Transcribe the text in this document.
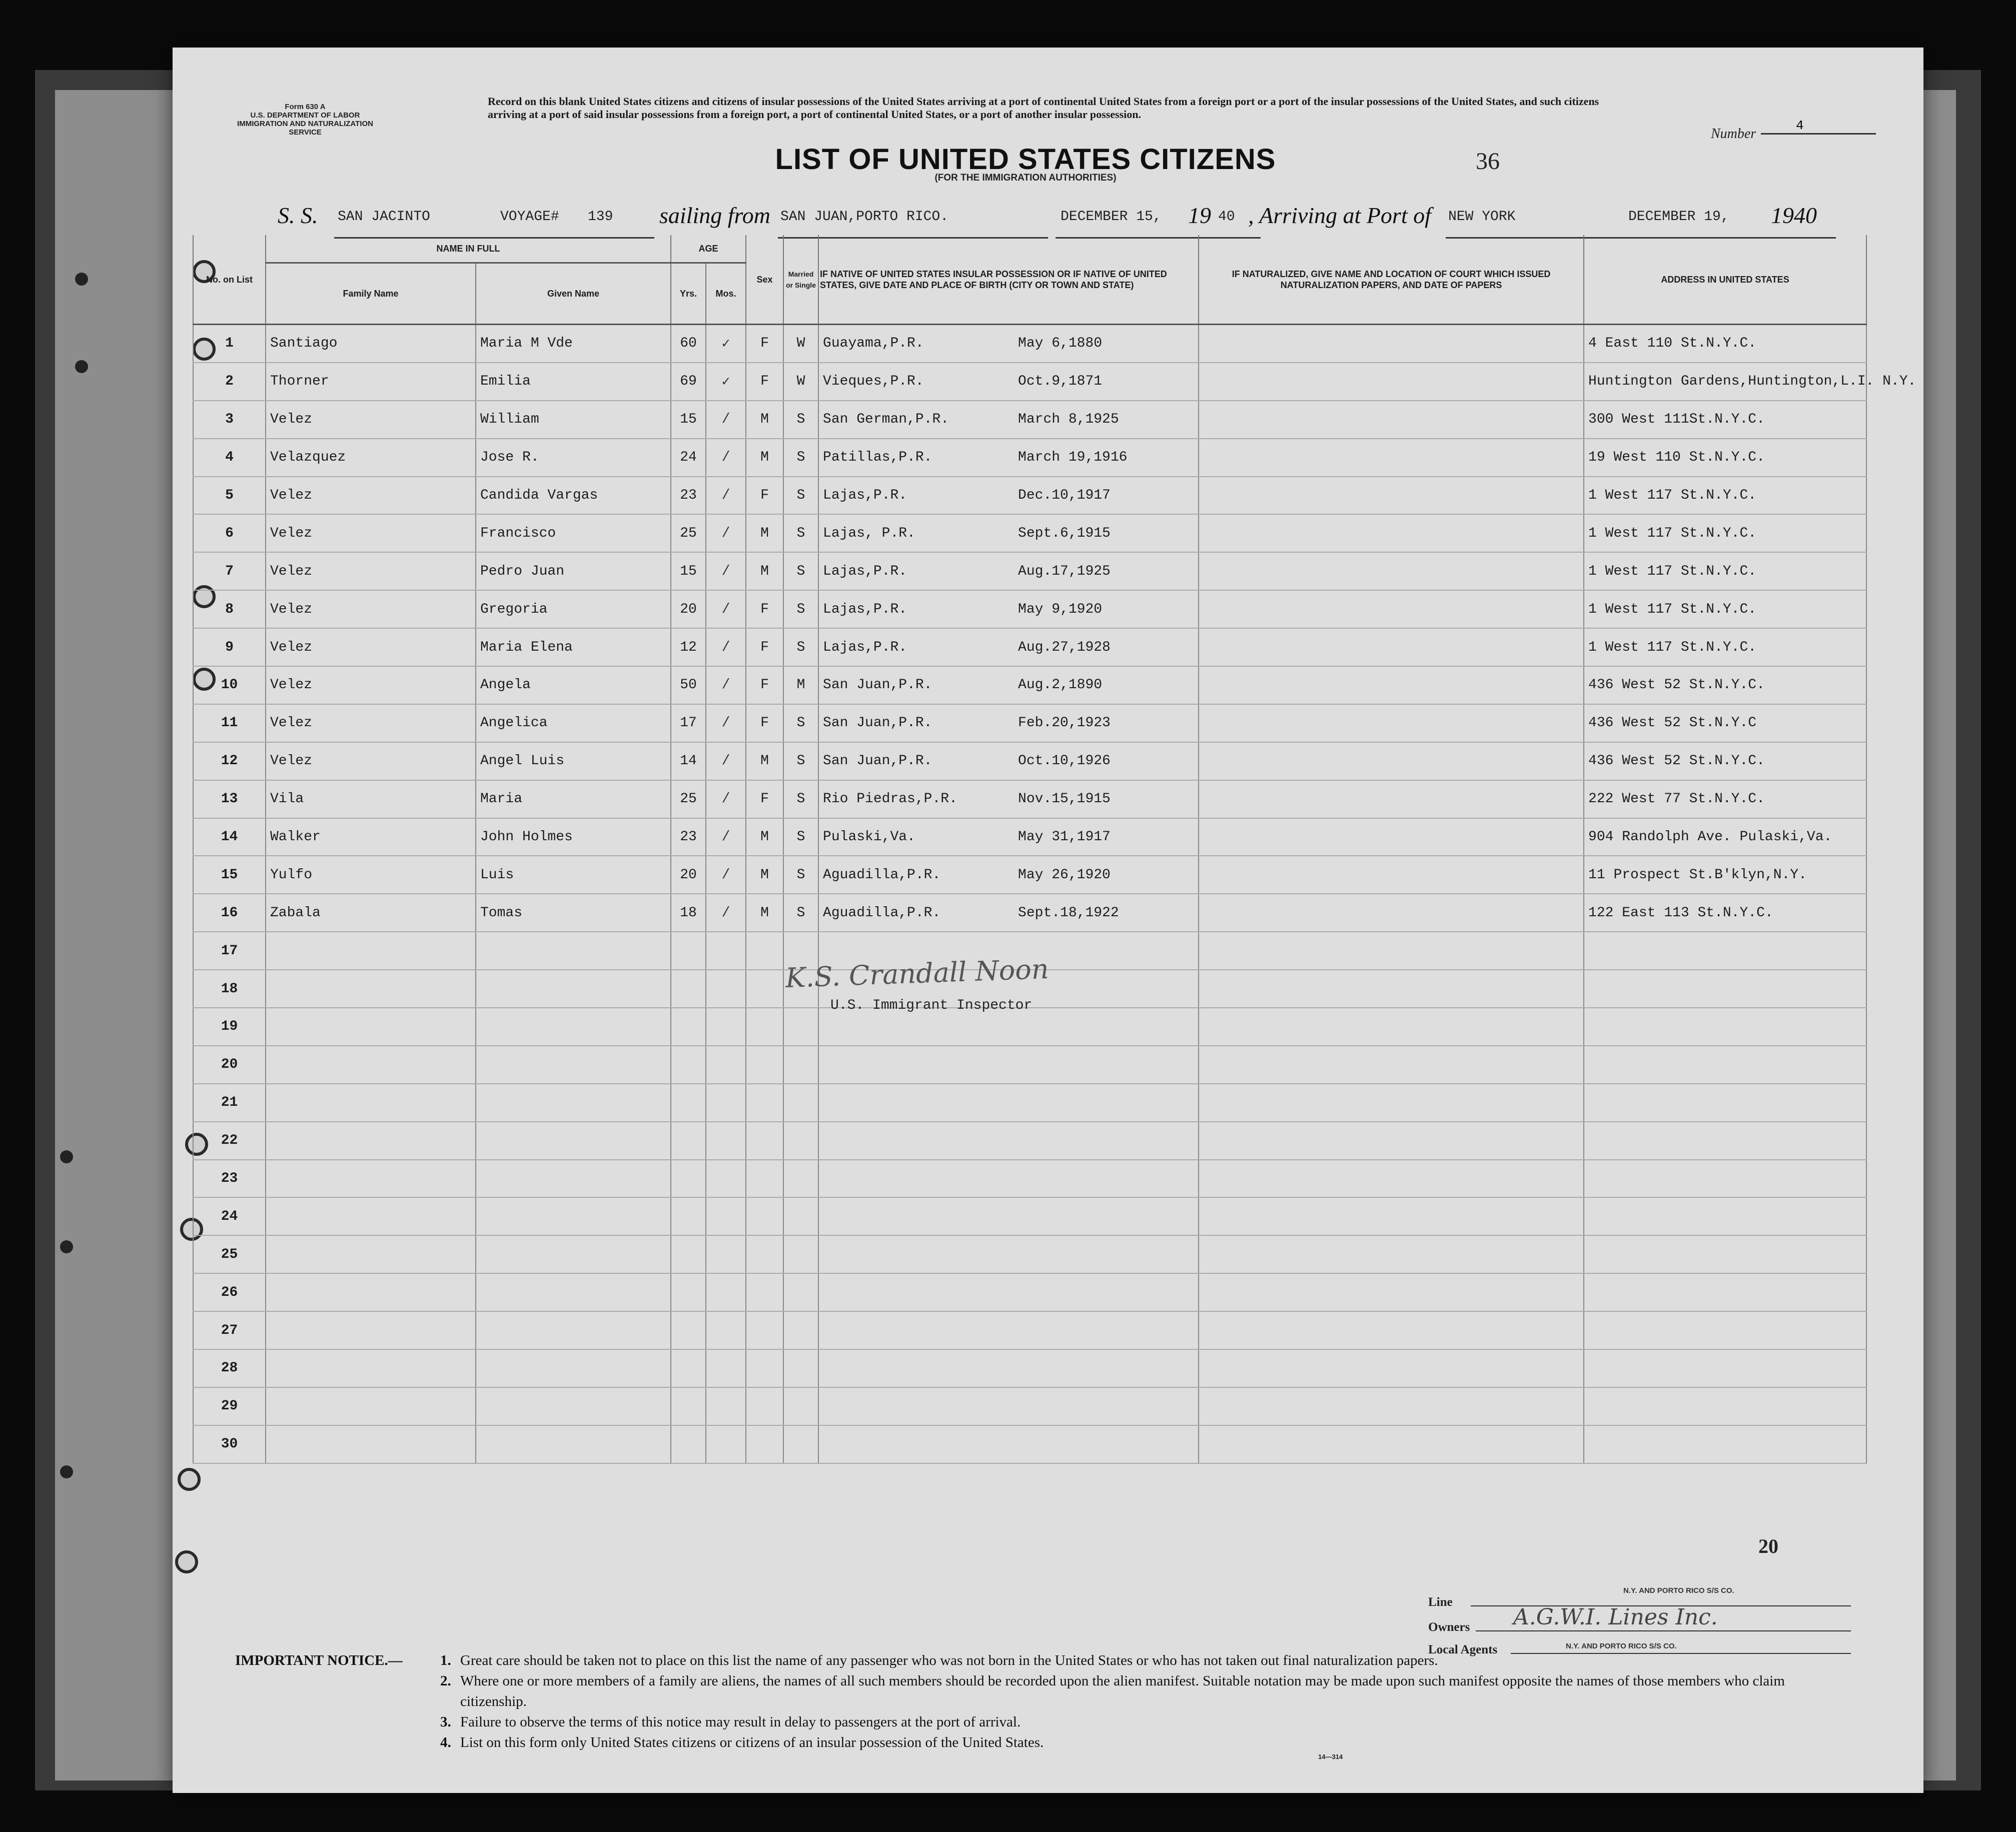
Form 630 A
U.S. DEPARTMENT OF LABOR
IMMIGRATION AND NATURALIZATION SERVICE
Record on this blank United States citizens and citizens of insular possessions of the United States arriving at a port of continental United States from a foreign port or a port of the insular possessions of the United States, and such citizens arriving at a port of said insular possessions from a foreign port, a port of continental United States, or a port of another insular possession.
Number
4
LIST OF UNITED STATES CITIZENS
(FOR THE IMMIGRATION AUTHORITIES)
36
S. S. SAN JACINTO	VOYAGE# 139 sailing from SAN JUAN,PORTO RICO.	DECEMBER 15, 19 40 , Arriving at Port of NEW YORK	DECEMBER 19, 1940
No. on List	NAME IN FULL		AGE		Sex	Married or Single	IF NATIVE OF UNITED STATES INSULAR POSSESSION OR IF NATIVE OF UNITED STATES, GIVE DATE AND PLACE OF BIRTH (CITY OR TOWN AND STATE)	IF NATURALIZED, GIVE NAME AND LOCATION OF COURT WHICH ISSUED NATURALIZATION PAPERS, AND DATE OF PAPERS	ADDRESS IN UNITED STATES
	Family Name	Given Name	Yrs.	Mos.					
1	Santiago	Maria M Vde	60	✓	F	W	Guayama,P.R. May 6,1880		4 East 110 St.N.Y.C.
2	Thorner	Emilia	69	✓	F	W	Vieques,P.R. Oct.9,1871		Huntington Gardens,Huntington,L.I. N.Y.
3	Velez	William	15	/	M	S	San German,P.R. March 8,1925		300 West 111St.N.Y.C.
4	Velazquez	Jose R.	24	/	M	S	Patillas,P.R. March 19,1916		19 West 110 St.N.Y.C.
5	Velez	Candida Vargas	23	/	F	S	Lajas,P.R. Dec.10,1917		1 West 117 St.N.Y.C.
6	Velez	Francisco	25	/	M	S	Lajas, P.R. Sept.6,1915		1 West 117 St.N.Y.C.
7	Velez	Pedro Juan	15	/	M	S	Lajas,P.R. Aug.17,1925		1 West 117 St.N.Y.C.
8	Velez	Gregoria	20	/	F	S	Lajas,P.R. May 9,1920		1 West 117 St.N.Y.C.
9	Velez	Maria Elena	12	/	F	S	Lajas,P.R. Aug.27,1928		1 West 117 St.N.Y.C.
10	Velez	Angela	50	/	F	M	San Juan,P.R. Aug.2,1890		436 West 52 St.N.Y.C.
11	Velez	Angelica	17	/	F	S	San Juan,P.R. Feb.20,1923		436 West 52 St.N.Y.C
12	Velez	Angel Luis	14	/	M	S	San Juan,P.R. Oct.10,1926		436 West 52 St.N.Y.C.
13	Vila	Maria	25	/	F	S	Rio Piedras,P.R. Nov.15,1915		222 West 77 St.N.Y.C.
14	Walker	John Holmes	23	/	M	S	Pulaski,Va. May 31,1917		904 Randolph Ave. Pulaski,Va.
15	Yulfo	Luis	20	/	M	S	Aguadilla,P.R. May 26,1920		11 Prospect St.B'klyn,N.Y.
16	Zabala	Tomas	18	/	M	S	Aguadilla,P.R. Sept.18,1922		122 East 113 St.N.Y.C.
17									
18									
19									
20									
21									
22									
23									
24									
25									
26									
27									
28									
29									
30									
K.S. Crandall Noon
U.S. Immigrant Inspector
20
Line
N.Y. AND PORTO RICO S/S CO.
Owners A.G.W.I. Lines Inc.
Local Agents	N.Y. AND PORTO RICO S/S CO.
IMPORTANT NOTICE.—	1. Great care should be taken not to place on this list the name of any passenger who was not born in the United States or who has not taken out final naturalization papers.
2. Where one or more members of a family are aliens, the names of all such members should be recorded upon the alien manifest. Suitable notation may be made upon such manifest opposite the names of those members who claim citizenship.
3. Failure to observe the terms of this notice may result in delay to passengers at the port of arrival.
4. List on this form only United States citizens or citizens of an insular possession of the United States.
14—314
